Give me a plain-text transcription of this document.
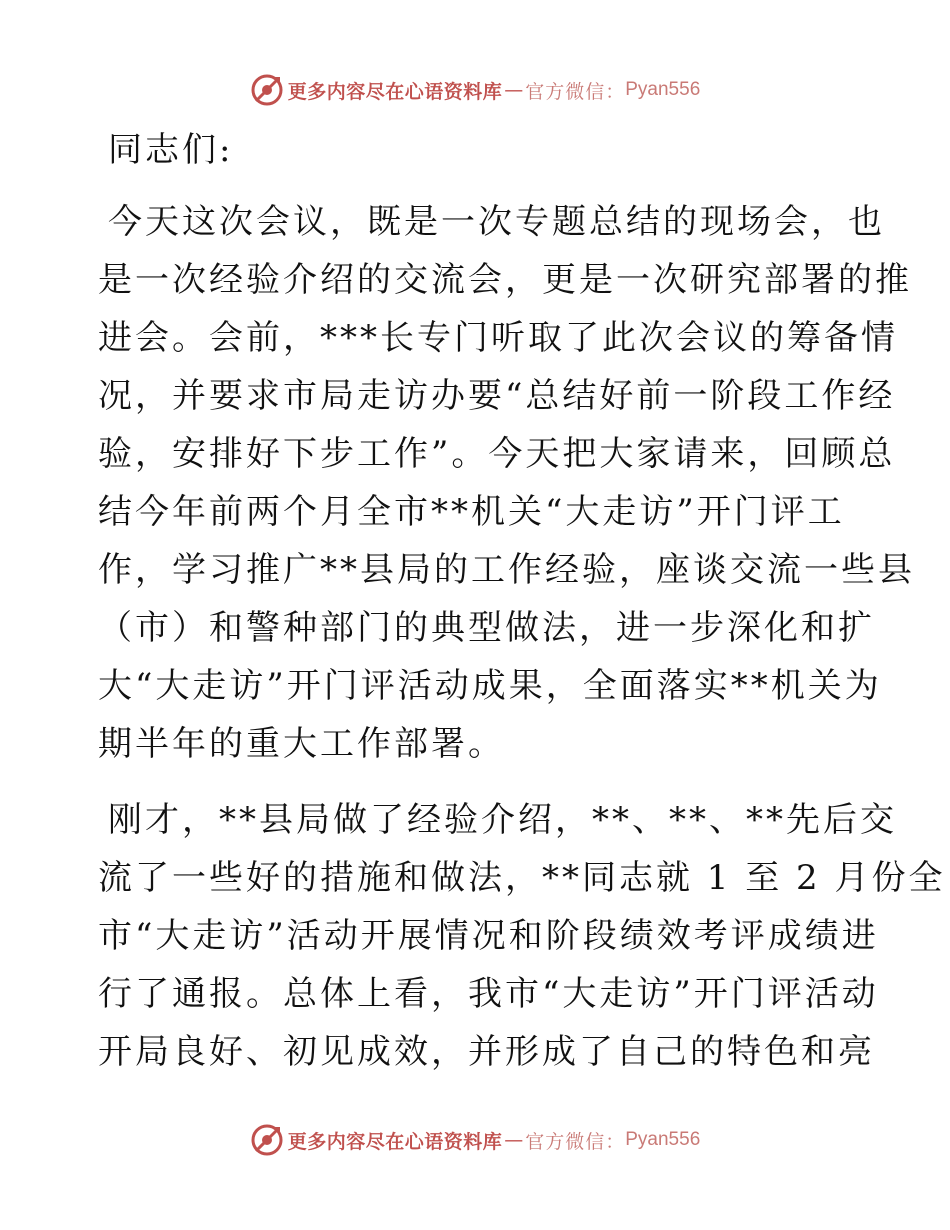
更多内容尽在心语资料库 — 官方微信： Pyan556
同志们:
今天这次会议，既是一次专题总结的现场会，也
是一次经验介绍的交流会，更是一次研究部署的推
进会。会前，***长专门听取了此次会议的筹备情
况，并要求市局走访办要“总结好前一阶段工作经
验，安排好下步工作”。今天把大家请来，回顾总
结今年前两个月全市**机关“大走访”开门评工
作，学习推广**县局的工作经验，座谈交流一些县
（市）和警种部门的典型做法，进一步深化和扩
大“大走访”开门评活动成果，全面落实**机关为
期半年的重大工作部署。
刚才，**县局做了经验介绍，**、**、**先后交
流了一些好的措施和做法，**同志就 1 至 2 月份全
市“大走访”活动开展情况和阶段绩效考评成绩进
行了通报。总体上看，我市“大走访”开门评活动
开局良好、初见成效，并形成了自己的特色和亮
更多内容尽在心语资料库 — 官方微信： Pyan556
